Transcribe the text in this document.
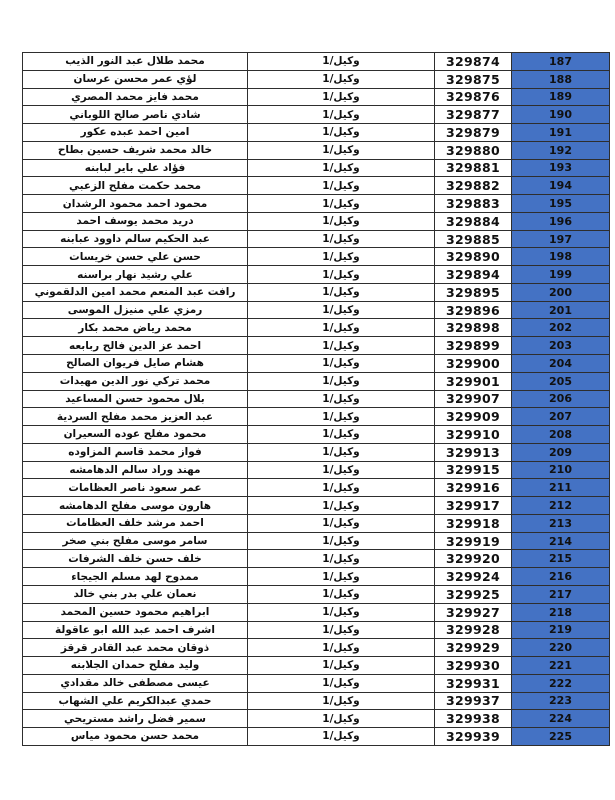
محمد طلال عبد النور الذيب	وكيل/1	329874	187
لؤي عمر محسن عرسان	وكيل/1	329875	188
محمد فايز محمد المصري	وكيل/1	329876	189
شادي ناصر صالح اللوباني	وكيل/1	329877	190
امين احمد عبده عكور	وكيل/1	329879	191
خالد محمد شريف حسين بطاح	وكيل/1	329880	192
فؤاد علي باير لبابنه	وكيل/1	329881	193
محمد حكمت مفلح الزعبي	وكيل/1	329882	194
محمود احمد محمود الرشدان	وكيل/1	329883	195
دريد محمد يوسف احمد	وكيل/1	329884	196
عبد الحكيم سالم داوود عبابنه	وكيل/1	329885	197
حسن علي حسن خريسات	وكيل/1	329890	198
علي رشيد نهار براسنه	وكيل/1	329894	199
رافت عبد المنعم محمد امين الدلقموني	وكيل/1	329895	200
رمزي علي منيزل الموسى	وكيل/1	329896	201
محمد رياض محمد بكار	وكيل/1	329898	202
احمد عز الدين فالح ربابعه	وكيل/1	329899	203
هشام صايل فريوان الصالح	وكيل/1	329900	204
محمد تركي نور الدين مهيدات	وكيل/1	329901	205
بلال محمود حسن المساعيد	وكيل/1	329907	206
عبد العزيز محمد مفلح السردية	وكيل/1	329909	207
محمود مفلح عوده السعيران	وكيل/1	329910	208
فواز محمد قاسم المزاوده	وكيل/1	329913	209
مهند وراد سالم الدهامشه	وكيل/1	329915	210
عمر سعود ناصر العظامات	وكيل/1	329916	211
هارون موسى مفلح الدهامشه	وكيل/1	329917	212
احمد مرشد خلف العظامات	وكيل/1	329918	213
سامر موسى مفلح بني صخر	وكيل/1	329919	214
خلف حسن خلف الشرفات	وكيل/1	329920	215
ممدوح لهد مسلم الجيجاء	وكيل/1	329924	216
نعمان علي بدر بني خالد	وكيل/1	329925	217
ابراهيم محمود حسين المحمد	وكيل/1	329927	218
اشرف احمد عبد الله ابو عاقولة	وكيل/1	329928	219
ذوقان محمد عبد القادر قرقز	وكيل/1	329929	220
وليد مفلح حمدان الجلابنه	وكيل/1	329930	221
عيسى مصطفى خالد مقدادي	وكيل/1	329931	222
حمدي عبدالكريم علي الشهاب	وكيل/1	329937	223
سمير فضل راشد مستريحي	وكيل/1	329938	224
محمد حسن محمود مياس	وكيل/1	329939	225
